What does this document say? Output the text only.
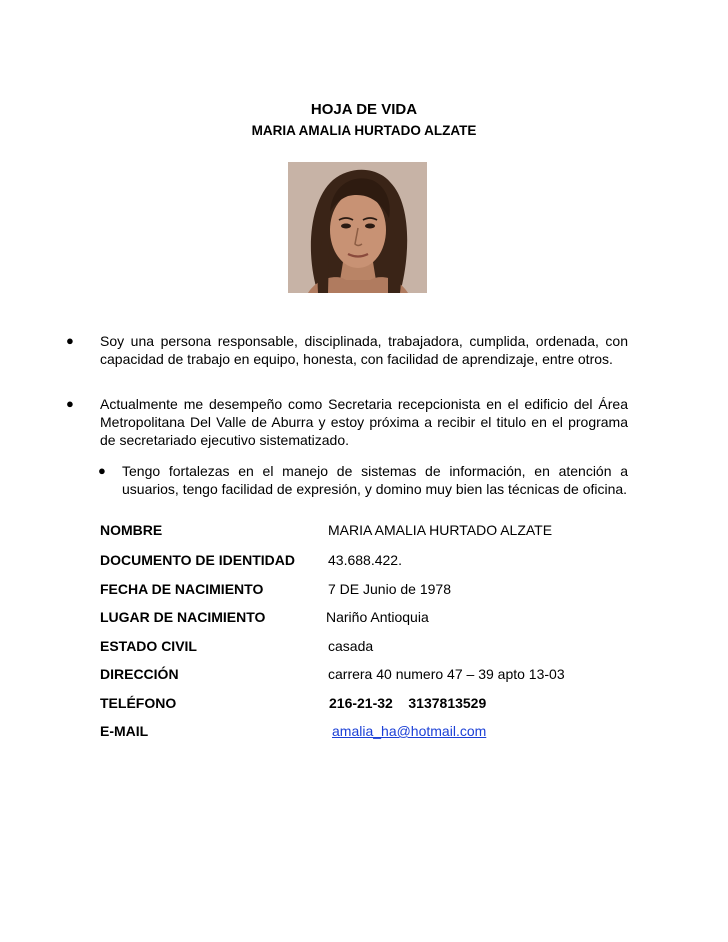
HOJA DE VIDA
MARIA AMALIA HURTADO ALZATE
● Soy una persona responsable, disciplinada, trabajadora, cumplida, ordenada, con capacidad de trabajo en equipo, honesta, con facilidad de aprendizaje, entre otros.
● Actualmente me desempeño como Secretaria recepcionista en el edificio del Área Metropolitana Del Valle de Aburra y estoy próxima a recibir el titulo en el programa de secretariado ejecutivo sistematizado.
● Tengo fortalezas en el manejo de sistemas de información, en atención a usuarios, tengo facilidad de expresión, y domino muy bien las técnicas de oficina.
NOMBRE	MARIA AMALIA HURTADO ALZATE
DOCUMENTO DE IDENTIDAD 43.688.422.
FECHA DE NACIMIENTO	7 DE Junio de 1978
LUGAR DE NACIMIENTO	Nariño Antioquia
ESTADO CIVIL	casada
DIRECCIÓN	carrera 40 numero 47 – 39 apto 13-03
TELÉFONO	216-21-32    3137813529
E-MAIL	amalia_ha@hotmail.com
